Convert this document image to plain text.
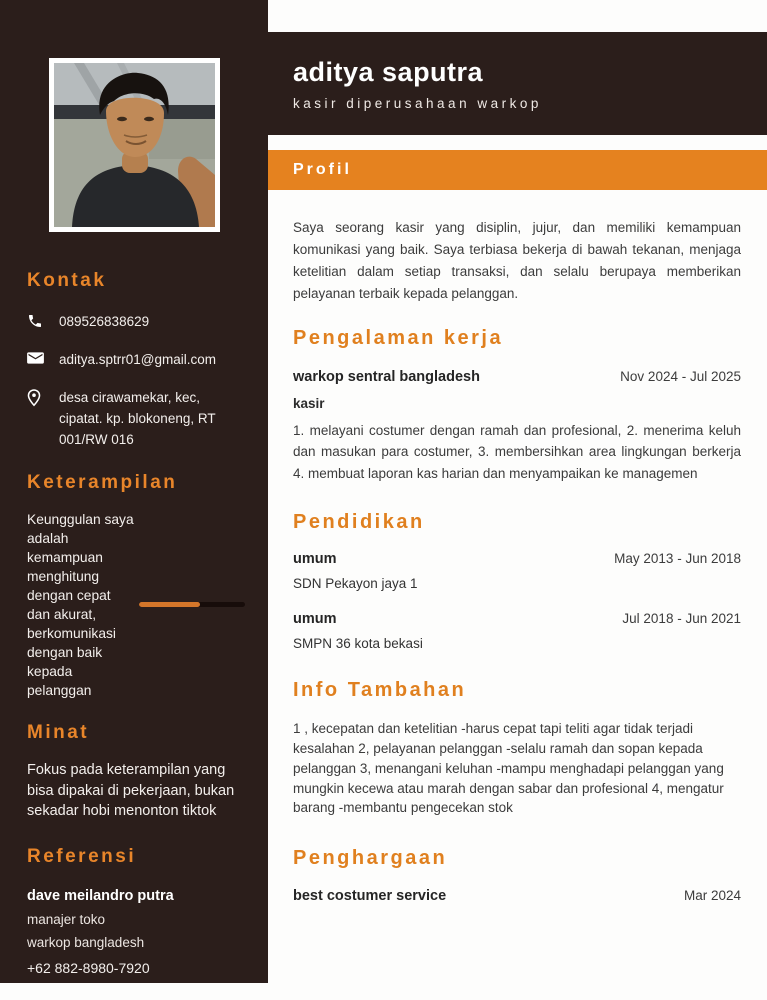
Kontak
089526838629
aditya.sptrr01@gmail.com
desa cirawamekar, kec, cipatat. kp. blokoneng, RT 001/RW 016
Keterampilan
Keunggulan saya adalah kemampuan menghitung dengan cepat dan akurat, berkomunikasi dengan baik kepada pelanggan
Minat
Fokus pada keterampilan yang bisa dipakai di pekerjaan, bukan sekadar hobi menonton tiktok
Referensi
dave meilandro putra
manajer toko
warkop bangladesh
+62 882-8980-7920
aditya saputra
kasir diperusahaan warkop
Profil

Saya seorang kasir yang disiplin, jujur, dan memiliki kemampuan komunikasi yang baik. Saya terbiasa bekerja di bawah tekanan, menjaga ketelitian dalam setiap transaksi, dan selalu berupaya memberikan pelayanan terbaik kepada pelanggan.

Pengalaman kerja
warkop sentral bangladesh	Nov 2024 - Jul 2025
kasir

1. melayani costumer dengan ramah dan profesional, 2. menerima keluh dan masukan para costumer, 3. membersihkan area lingkungan berkerja 4. membuat laporan kas harian dan menyampaikan ke managemen

Pendidikan
umum	May 2013 - Jun 2018
SDN Pekayon jaya 1
umum	Jul 2018 - Jun 2021
SMPN 36 kota bekasi
Info Tambahan

1 , kecepatan dan ketelitian -harus cepat tapi teliti agar tidak terjadi kesalahan 2, pelayanan pelanggan -selalu ramah dan sopan kepada pelanggan 3, menangani keluhan -mampu menghadapi pelanggan yang mungkin kecewa atau marah dengan sabar dan profesional 4, mengatur barang -membantu pengecekan stok

Penghargaan
best costumer service	Mar 2024
